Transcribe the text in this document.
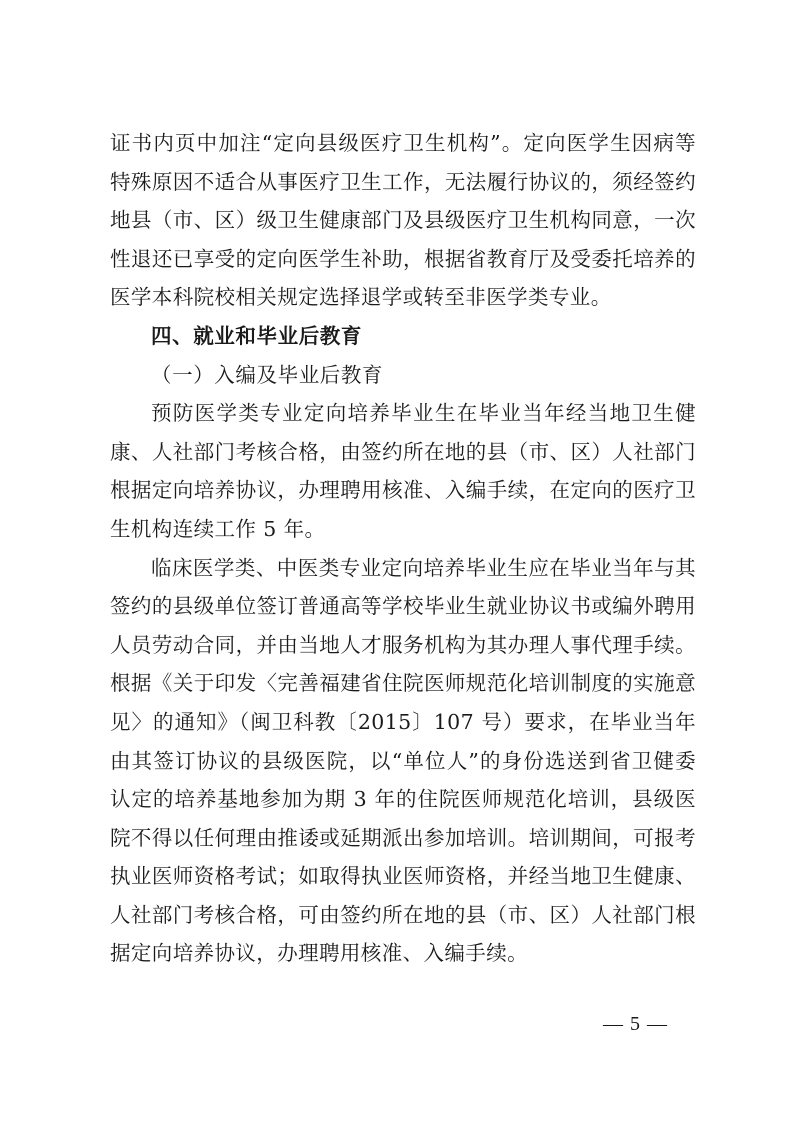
证书内页中加注“定向县级医疗卫生机构”。定向医学生因病等特殊原因不适合从事医疗卫生工作，无法履行协议的，须经签约地县（市、区）级卫生健康部门及县级医疗卫生机构同意，一次性退还已享受的定向医学生补助，根据省教育厅及受委托培养的医学本科院校相关规定选择退学或转至非医学类专业。

四、就业和毕业后教育

（一）入编及毕业后教育

预防医学类专业定向培养毕业生在毕业当年经当地卫生健康、人社部门考核合格，由签约所在地的县（市、区）人社部门根据定向培养协议，办理聘用核准、入编手续，在定向的医疗卫生机构连续工作 5 年。

临床医学类、中医类专业定向培养毕业生应在毕业当年与其签约的县级单位签订普通高等学校毕业生就业协议书或编外聘用人员劳动合同，并由当地人才服务机构为其办理人事代理手续。根据《关于印发〈完善福建省住院医师规范化培训制度的实施意见〉的通知》（闽卫科教〔2015〕107 号）要求，在毕业当年由其签订协议的县级医院，以“单位人”的身份选送到省卫健委认定的培养基地参加为期 3 年的住院医师规范化培训，县级医院不得以任何理由推诿或延期派出参加培训。培训期间，可报考执业医师资格考试；如取得执业医师资格，并经当地卫生健康、人社部门考核合格，可由签约所在地的县（市、区）人社部门根据定向培养协议，办理聘用核准、入编手续。

— 5 —
